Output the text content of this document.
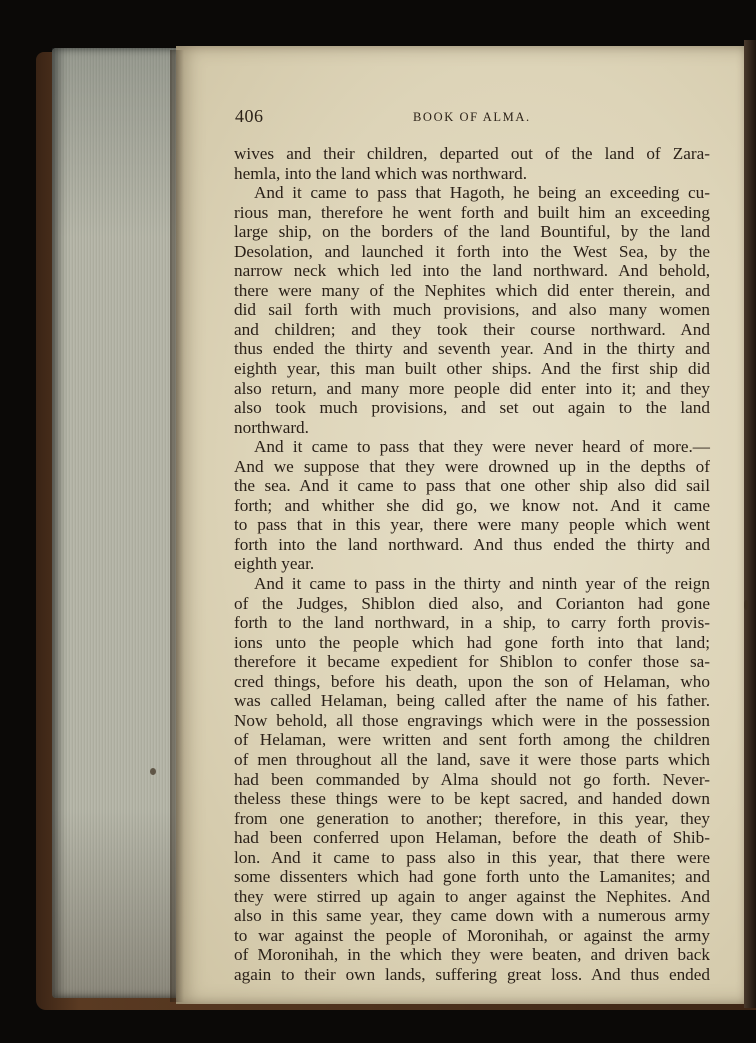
406	BOOK OF ALMA.
wives and their children, departed out of the land of Zara-
hemla, into the land which was northward.
And it came to pass that Hagoth, he being an exceeding cu-
rious man, therefore he went forth and built him an exceeding
large ship, on the borders of the land Bountiful, by the land
Desolation, and launched it forth into the West Sea, by the
narrow neck which led into the land northward. And behold,
there were many of the Nephites which did enter therein, and
did sail forth with much provisions, and also many women
and children; and they took their course northward. And
thus ended the thirty and seventh year. And in the thirty and
eighth year, this man built other ships. And the first ship did
also return, and many more people did enter into it; and they
also took much provisions, and set out again to the land
northward.
And it came to pass that they were never heard of more.—
And we suppose that they were drowned up in the depths of
the sea. And it came to pass that one other ship also did sail
forth; and whither she did go, we know not. And it came
to pass that in this year, there were many people which went
forth into the land northward. And thus ended the thirty and
eighth year.
And it came to pass in the thirty and ninth year of the reign
of the Judges, Shiblon died also, and Corianton had gone
forth to the land northward, in a ship, to carry forth provis-
ions unto the people which had gone forth into that land;
therefore it became expedient for Shiblon to confer those sa-
cred things, before his death, upon the son of Helaman, who
was called Helaman, being called after the name of his father.
Now behold, all those engravings which were in the possession
of Helaman, were written and sent forth among the children
of men throughout all the land, save it were those parts which
had been commanded by Alma should not go forth. Never-
theless these things were to be kept sacred, and handed down
from one generation to another; therefore, in this year, they
had been conferred upon Helaman, before the death of Shib-
lon. And it came to pass also in this year, that there were
some dissenters which had gone forth unto the Lamanites; and
they were stirred up again to anger against the Nephites. And
also in this same year, they came down with a numerous army
to war against the people of Moronihah, or against the army
of Moronihah, in the which they were beaten, and driven back
again to their own lands, suffering great loss. And thus ended
